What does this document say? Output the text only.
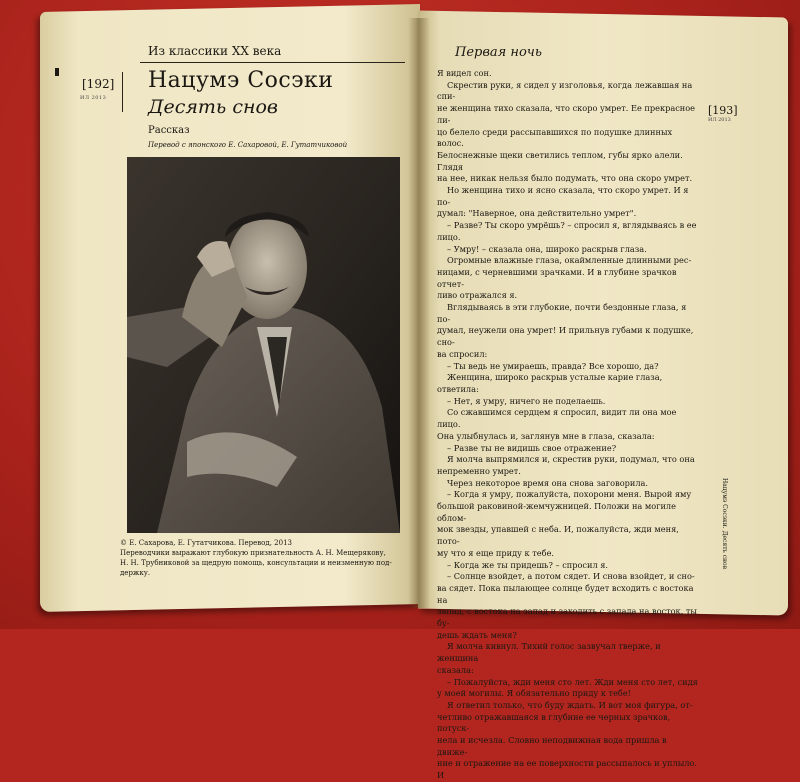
Из классики XX века
[192]
ИЛ 2013
Нацумэ Сосэки
Десять снов
Рассказ
Перевод с японского Е. Сахаровой, Е. Гутатчиковой
© Е. Сахарова, Е. Гутатчикова. Перевод, 2013
Переводчики выражают глубокую признательность А. Н. Мещерякову,
Н. Н. Трубниковой за щедрую помощь, консультации и неизменную под-
держку.
Первая ночь
[193]
ИЛ 2013

Я видел сон.

Скрестив руки, я сидел у изголовья, когда лежавшая на спи-

не женщина тихо сказала, что скоро умрет. Ее прекрасное ли-

цо белело среди рассыпавшихся по подушке длинных волос.

Белоснежные щеки светились теплом, губы ярко алели. Глядя

на нее, никак нельзя было подумать, что она скоро умрет.

Но женщина тихо и ясно сказала, что скоро умрет. И я по-

думал: "Наверное, она действительно умрет".

– Разве? Ты скоро умрёшь? – спросил я, вглядываясь в ее

лицо.

– Умру! – сказала она, широко раскрыв глаза.

Огромные влажные глаза, окаймленные длинными рес-

ницами, с черневшими зрачками. И в глубине зрачков отчет-

ливо отражался я.

Вглядываясь в эти глубокие, почти бездонные глаза, я по-

думал, неужели она умрет! И прильнув губами к подушке, сно-

ва спросил:

– Ты ведь не умираешь, правда? Все хорошо, да?

Женщина, широко раскрыв усталые карие глаза, ответила:

– Нет, я умру, ничего не поделаешь.

Со сжавшимся сердцем я спросил, видит ли она мое лицо.

Она улыбнулась и, заглянув мне в глаза, сказала:

– Разве ты не видишь свое отражение?

Я молча выпрямился и, скрестив руки, подумал, что она

непременно умрет.

Через некоторое время она снова заговорила.

– Когда я умру, пожалуйста, похорони меня. Вырой яму

большой раковиной-жемчужницей. Положи на могиле облом-

мок звезды, упавшей с неба. И, пожалуйста, жди меня, пото-

му что я еще приду к тебе.

– Когда же ты придешь? – спросил я.

– Солнце взойдет, а потом сядет. И снова взойдет, и сно-

ва сядет. Пока пылающее солнце будет всходить с востока на

запад, с востока на запад и заходить с запада на восток, ты бу-

дешь ждать меня?

Я молча кивнул. Тихий голос зазвучал тверже, и женщина

сказала:

– Пожалуйста, жди меня сто лет. Жди меня сто лет, сидя

у моей могилы. Я обязательно приду к тебе!

Я ответил только, что буду ждать. И вот моя фигура, от-

четливо отражавшаяся в глубине ее черных зрачков, потуск-

нела и исчезла. Словно неподвижная вода пришла в движе-

ние и отражение на ее поверхности рассыпалось и уплыло. И

Нацумэ Сосэки. Десять снов
